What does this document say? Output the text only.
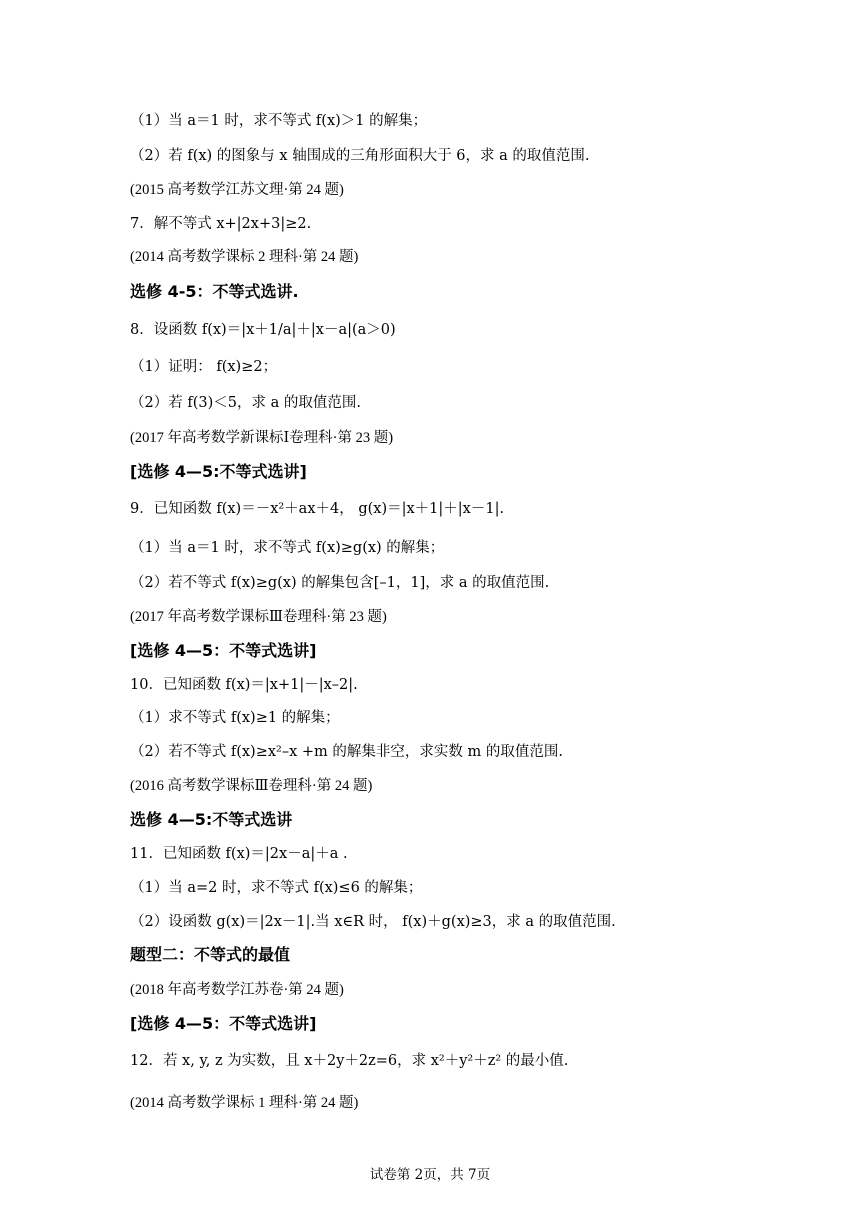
（1）当 a＝1 时，求不等式 f(x)＞1 的解集；
（2）若 f(x) 的图象与 x 轴围成的三角形面积大于 6，求 a 的取值范围.
(2015 高考数学江苏文理·第 24 题)
7．解不等式 x+|2x+3|≥2.
(2014 高考数学课标 2 理科·第 24 题)
选修 4-5：不等式选讲.
8．设函数 f(x)＝|x＋1/a|＋|x－a|(a＞0)
（1）证明： f(x)≥2；
（2）若 f(3)＜5，求 a 的取值范围.
(2017 年高考数学新课标Ⅰ卷理科·第 23 题)
[选修 4—5:不等式选讲]
9．已知函数 f(x)＝－x²＋ax＋4， g(x)＝|x＋1|＋|x－1|.
（1）当 a＝1 时，求不等式 f(x)≥g(x) 的解集；
（2）若不等式 f(x)≥g(x) 的解集包含[–1，1]，求 a 的取值范围.
(2017 年高考数学课标Ⅲ卷理科·第 23 题)
[选修 4—5：不等式选讲]
10．已知函数 f(x)＝|x+1|－|x–2|.
（1）求不等式 f(x)≥1 的解集；
（2）若不等式 f(x)≥x²–x +m 的解集非空，求实数 m 的取值范围.
(2016 高考数学课标Ⅲ卷理科·第 24 题)
选修 4—5:不等式选讲
11．已知函数 f(x)＝|2x－a|＋a .
（1）当 a=2 时，求不等式 f(x)≤6 的解集；
（2）设函数 g(x)＝|2x－1|.当 x∈R 时， f(x)＋g(x)≥3，求 a 的取值范围.
题型二：不等式的最值
(2018 年高考数学江苏卷·第 24 题)
[选修 4—5：不等式选讲]
12．若 x, y, z 为实数，且 x＋2y＋2z=6，求 x²＋y²＋z² 的最小值.
(2014 高考数学课标 1 理科·第 24 题)
试卷第 2页，共 7页
